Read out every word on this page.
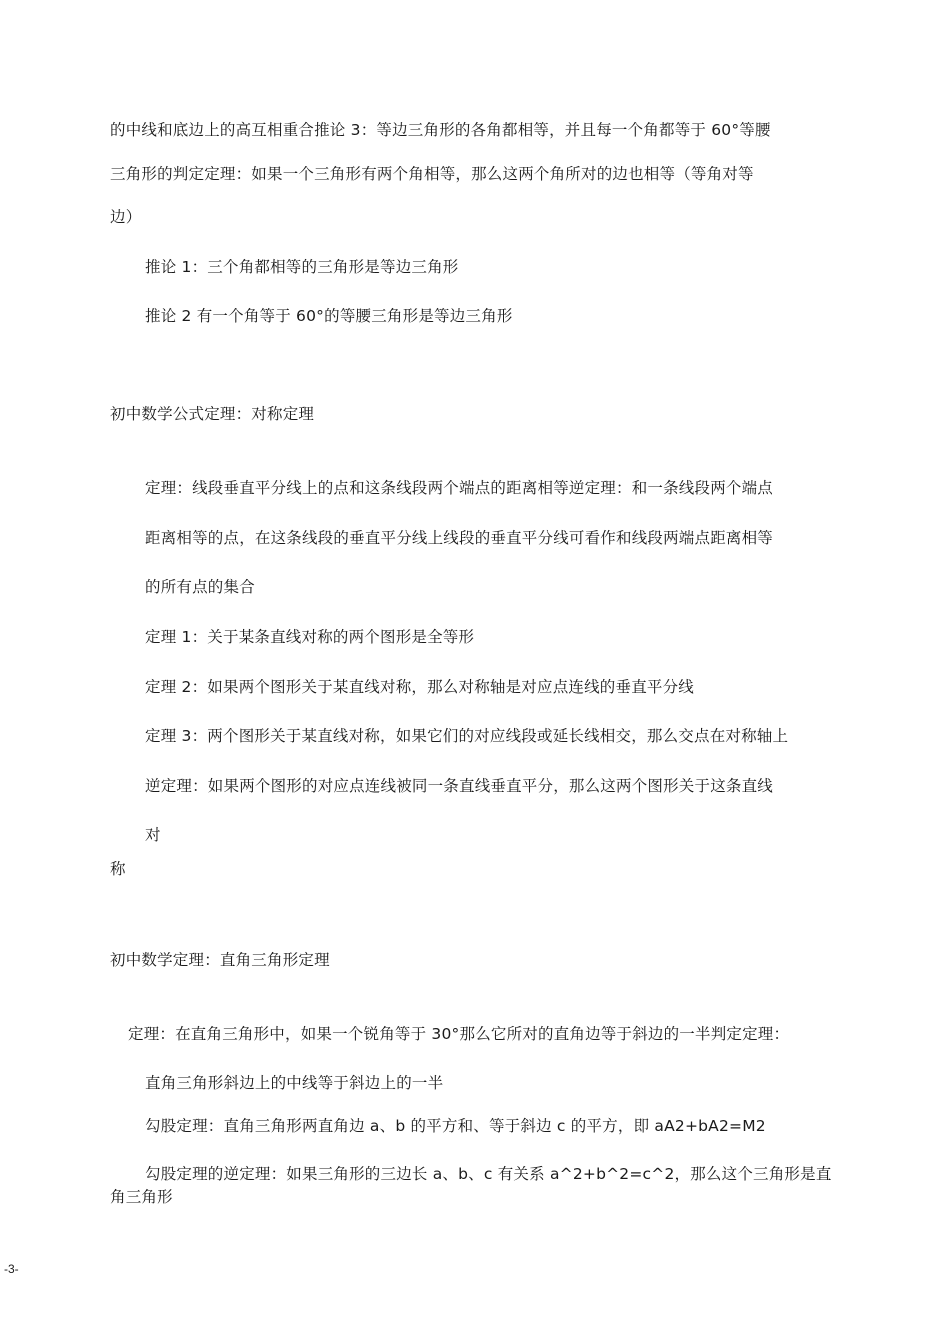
的中线和底边上的高互相重合推论 3：等边三角形的各角都相等，并且每一个角都等于 60°等腰
三角形的判定定理：如果一个三角形有两个角相等，那么这两个角所对的边也相等（等角对等
边）
推论 1：三个角都相等的三角形是等边三角形
推论 2 有一个角等于 60°的等腰三角形是等边三角形
初中数学公式定理：对称定理
定理：线段垂直平分线上的点和这条线段两个端点的距离相等逆定理：和一条线段两个端点
距离相等的点，在这条线段的垂直平分线上线段的垂直平分线可看作和线段两端点距离相等
的所有点的集合
定理 1：关于某条直线对称的两个图形是全等形
定理 2：如果两个图形关于某直线对称，那么对称轴是对应点连线的垂直平分线
定理 3：两个图形关于某直线对称，如果它们的对应线段或延长线相交，那么交点在对称轴上
逆定理：如果两个图形的对应点连线被同一条直线垂直平分，那么这两个图形关于这条直线
对
称
初中数学定理：直角三角形定理
定理：在直角三角形中，如果一个锐角等于 30°那么它所对的直角边等于斜边的一半判定定理：
直角三角形斜边上的中线等于斜边上的一半
勾股定理：直角三角形两直角边 a、b 的平方和、等于斜边 c 的平方，即 aA2+bA2=M2
勾股定理的逆定理：如果三角形的三边长 a、b、c 有关系 a^2+b^2=c^2，那么这个三角形是直
角三角形
-3-
